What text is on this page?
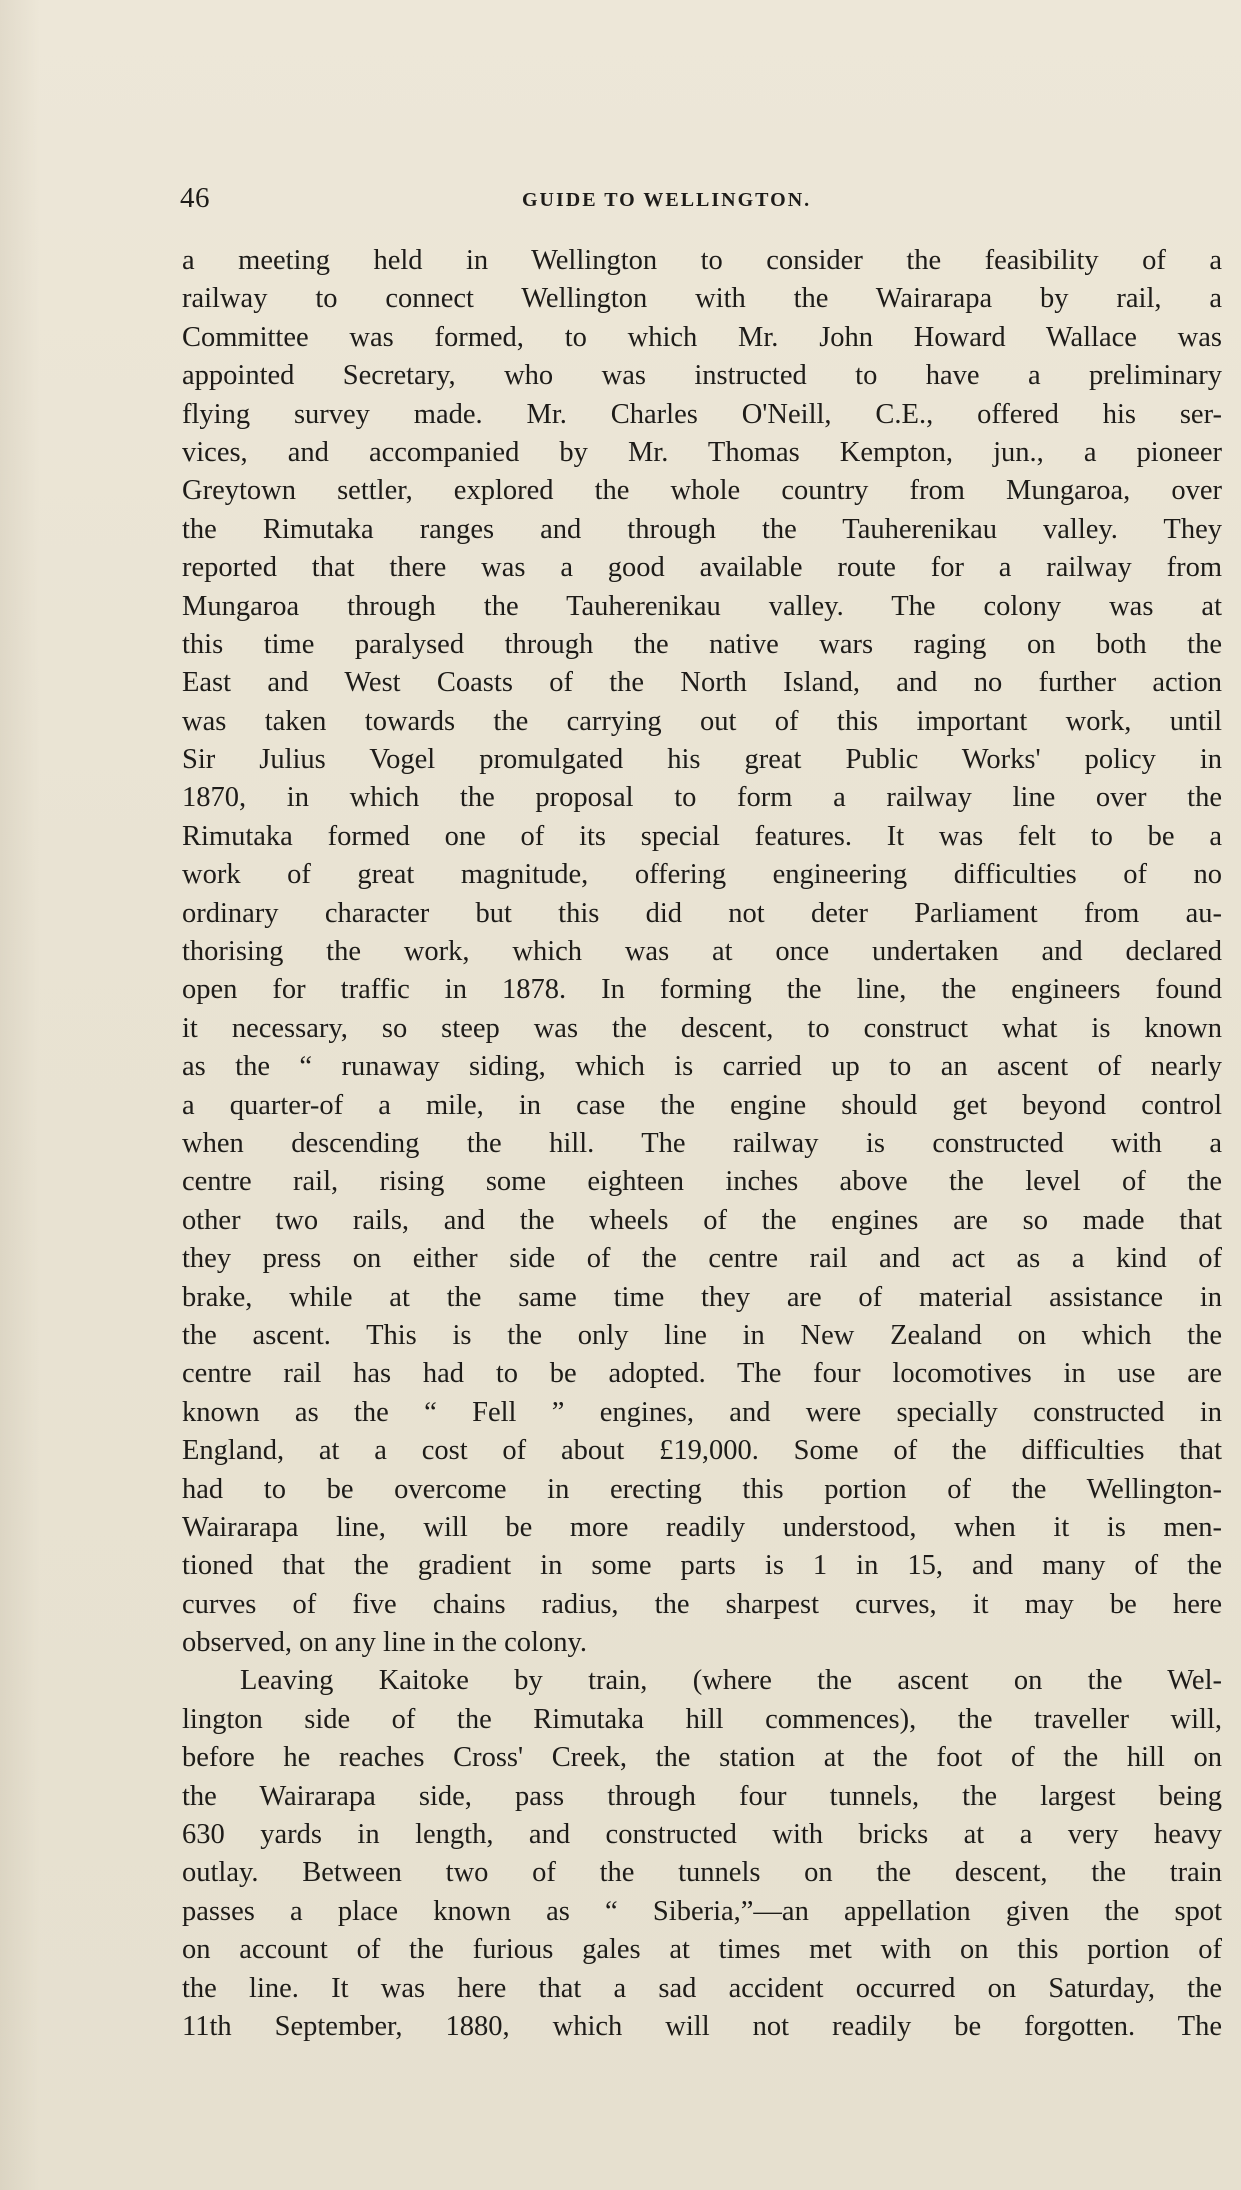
46	GUIDE TO WELLINGTON.
a meeting held in Wellington to consider the feasibility of a
railway to connect Wellington with the Wairarapa by rail, a
Committee was formed, to which Mr. John Howard Wallace was
appointed Secretary, who was instructed to have a preliminary
flying survey made. Mr. Charles O'Neill, C.E., offered his ser-
vices, and accompanied by Mr. Thomas Kempton, jun., a pioneer
Greytown settler, explored the whole country from Mungaroa, over
the Rimutaka ranges and through the Tauherenikau valley. They
reported that there was a good available route for a railway from
Mungaroa through the Tauherenikau valley. The colony was at
this time paralysed through the native wars raging on both the
East and West Coasts of the North Island, and no further action
was taken towards the carrying out of this important work, until
Sir Julius Vogel promulgated his great Public Works' policy in
1870, in which the proposal to form a railway line over the
Rimutaka formed one of its special features. It was felt to be a
work of great magnitude, offering engineering difficulties of no
ordinary character but this did not deter Parliament from au-
thorising the work, which was at once undertaken and declared
open for traffic in 1878. In forming the line, the engineers found
it necessary, so steep was the descent, to construct what is known
as the “ runaway siding, which is carried up to an ascent of nearly
a quarter-of a mile, in case the engine should get beyond control
when descending the hill. The railway is constructed with a
centre rail, rising some eighteen inches above the level of the
other two rails, and the wheels of the engines are so made that
they press on either side of the centre rail and act as a kind of
brake, while at the same time they are of material assistance in
the ascent. This is the only line in New Zealand on which the
centre rail has had to be adopted. The four locomotives in use are
known as the “ Fell ” engines, and were specially constructed in
England, at a cost of about £19,000. Some of the difficulties that
had to be overcome in erecting this portion of the Wellington-
Wairarapa line, will be more readily understood, when it is men-
tioned that the gradient in some parts is 1 in 15, and many of the
curves of five chains radius, the sharpest curves, it may be here
observed, on any line in the colony.
Leaving Kaitoke by train, (where the ascent on the Wel-
lington side of the Rimutaka hill commences), the traveller will,
before he reaches Cross' Creek, the station at the foot of the hill on
the Wairarapa side, pass through four tunnels, the largest being
630 yards in length, and constructed with bricks at a very heavy
outlay. Between two of the tunnels on the descent, the train
passes a place known as “ Siberia,”—an appellation given the spot
on account of the furious gales at times met with on this portion of
the line. It was here that a sad accident occurred on Saturday, the
11th September, 1880, which will not readily be forgotten. The
